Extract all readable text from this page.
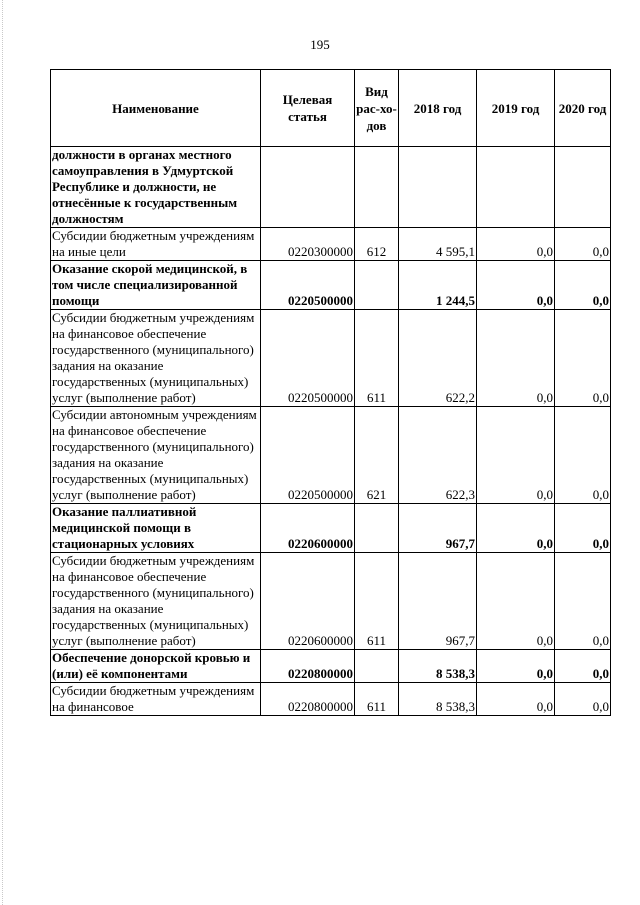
195
Наименование	Целевая статья	Вид рас-хо-дов	2018 год	2019 год	2020 год
должности в органах местного самоуправления в Удмуртской Республике и должности, не отнесённые к государственным должностям					
Субсидии бюджетным учреждениям на иные цели	0220300000	612	4 595,1	0,0	0,0
Оказание скорой медицинской, в том числе специализированной помощи	0220500000		1 244,5	0,0	0,0
Субсидии бюджетным учреждениям на финансовое обеспечение государственного (муниципального) задания на оказание государственных (муниципальных) услуг (выполнение работ)	0220500000	611	622,2	0,0	0,0
Субсидии автономным учреждениям на финансовое обеспечение государственного (муниципального) задания на оказание государственных (муниципальных) услуг (выполнение работ)	0220500000	621	622,3	0,0	0,0
Оказание паллиативной медицинской помощи в стационарных условиях	0220600000		967,7	0,0	0,0
Субсидии бюджетным учреждениям на финансовое обеспечение государственного (муниципального) задания на оказание государственных (муниципальных) услуг (выполнение работ)	0220600000	611	967,7	0,0	0,0
Обеспечение донорской кровью и (или) её компонентами	0220800000		8 538,3	0,0	0,0
Субсидии бюджетным учреждениям на финансовое	0220800000	611	8 538,3	0,0	0,0
